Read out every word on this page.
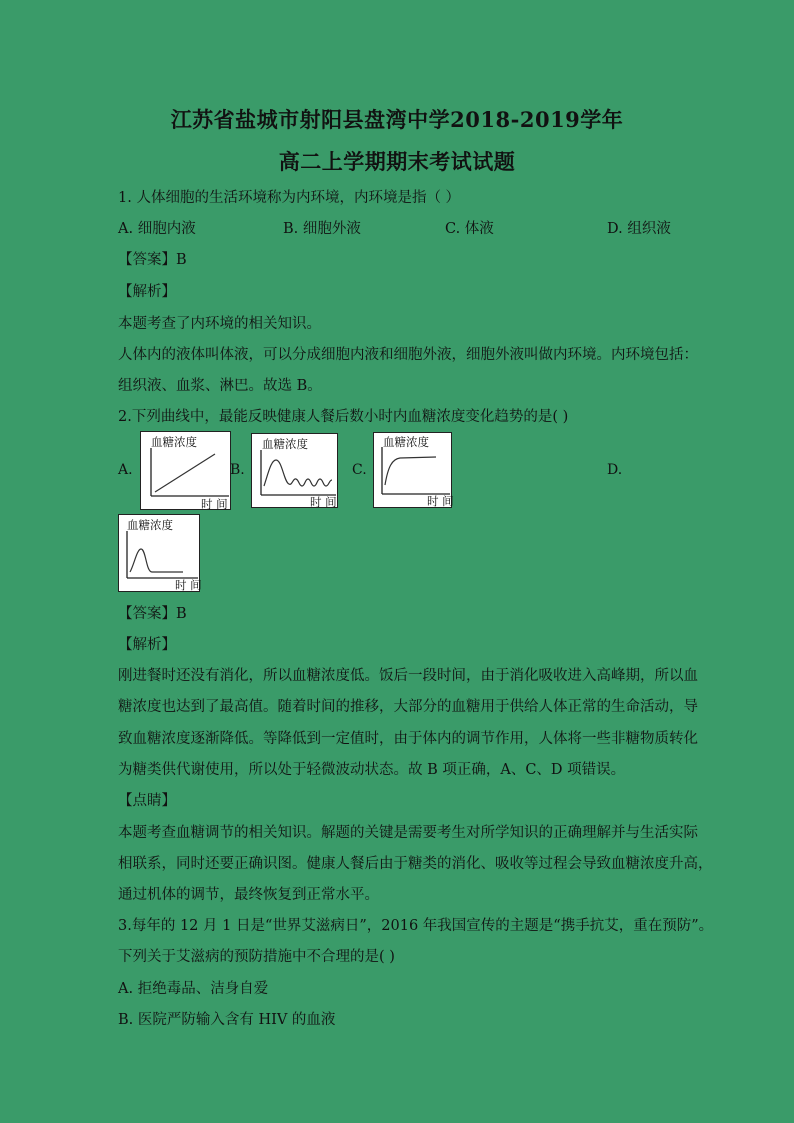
江苏省盐城市射阳县盘湾中学2018-2019学年
高二上学期期末考试试题
1. 人体细胞的生活环境称为内环境，内环境是指（ ）
A. 细胞内液	B. 细胞外液	C. 体液	D. 组织液
【答案】B
【解析】
本题考查了内环境的相关知识。
人体内的液体叫体液，可以分成细胞内液和细胞外液，细胞外液叫做内环境。内环境包括：
组织液、血浆、淋巴。故选 B。
2.下列曲线中，最能反映健康人餐后数小时内血糖浓度变化趋势的是( )
A.
血糖浓度
时 间
B.
血糖浓度
时 间
C.
血糖浓度
时 间
D.
血糖浓度
时 间
【答案】B
【解析】
刚进餐时还没有消化，所以血糖浓度低。饭后一段时间，由于消化吸收进入高峰期，所以血
糖浓度也达到了最高值。随着时间的推移，大部分的血糖用于供给人体正常的生命活动，导
致血糖浓度逐渐降低。等降低到一定值时，由于体内的调节作用，人体将一些非糖物质转化
为糖类供代谢使用，所以处于轻微波动状态。故 B 项正确，A、C、D 项错误。
【点睛】
本题考查血糖调节的相关知识。解题的关键是需要考生对所学知识的正确理解并与生活实际
相联系，同时还要正确识图。健康人餐后由于糖类的消化、吸收等过程会导致血糖浓度升高，
通过机体的调节，最终恢复到正常水平。
3.每年的 12 月 1 日是“世界艾滋病日”，2016 年我国宣传的主题是“携手抗艾，重在预防”。
下列关于艾滋病的预防措施中不合理的是( )
A. 拒绝毒品、洁身自爱
B. 医院严防输入含有 HIV 的血液
